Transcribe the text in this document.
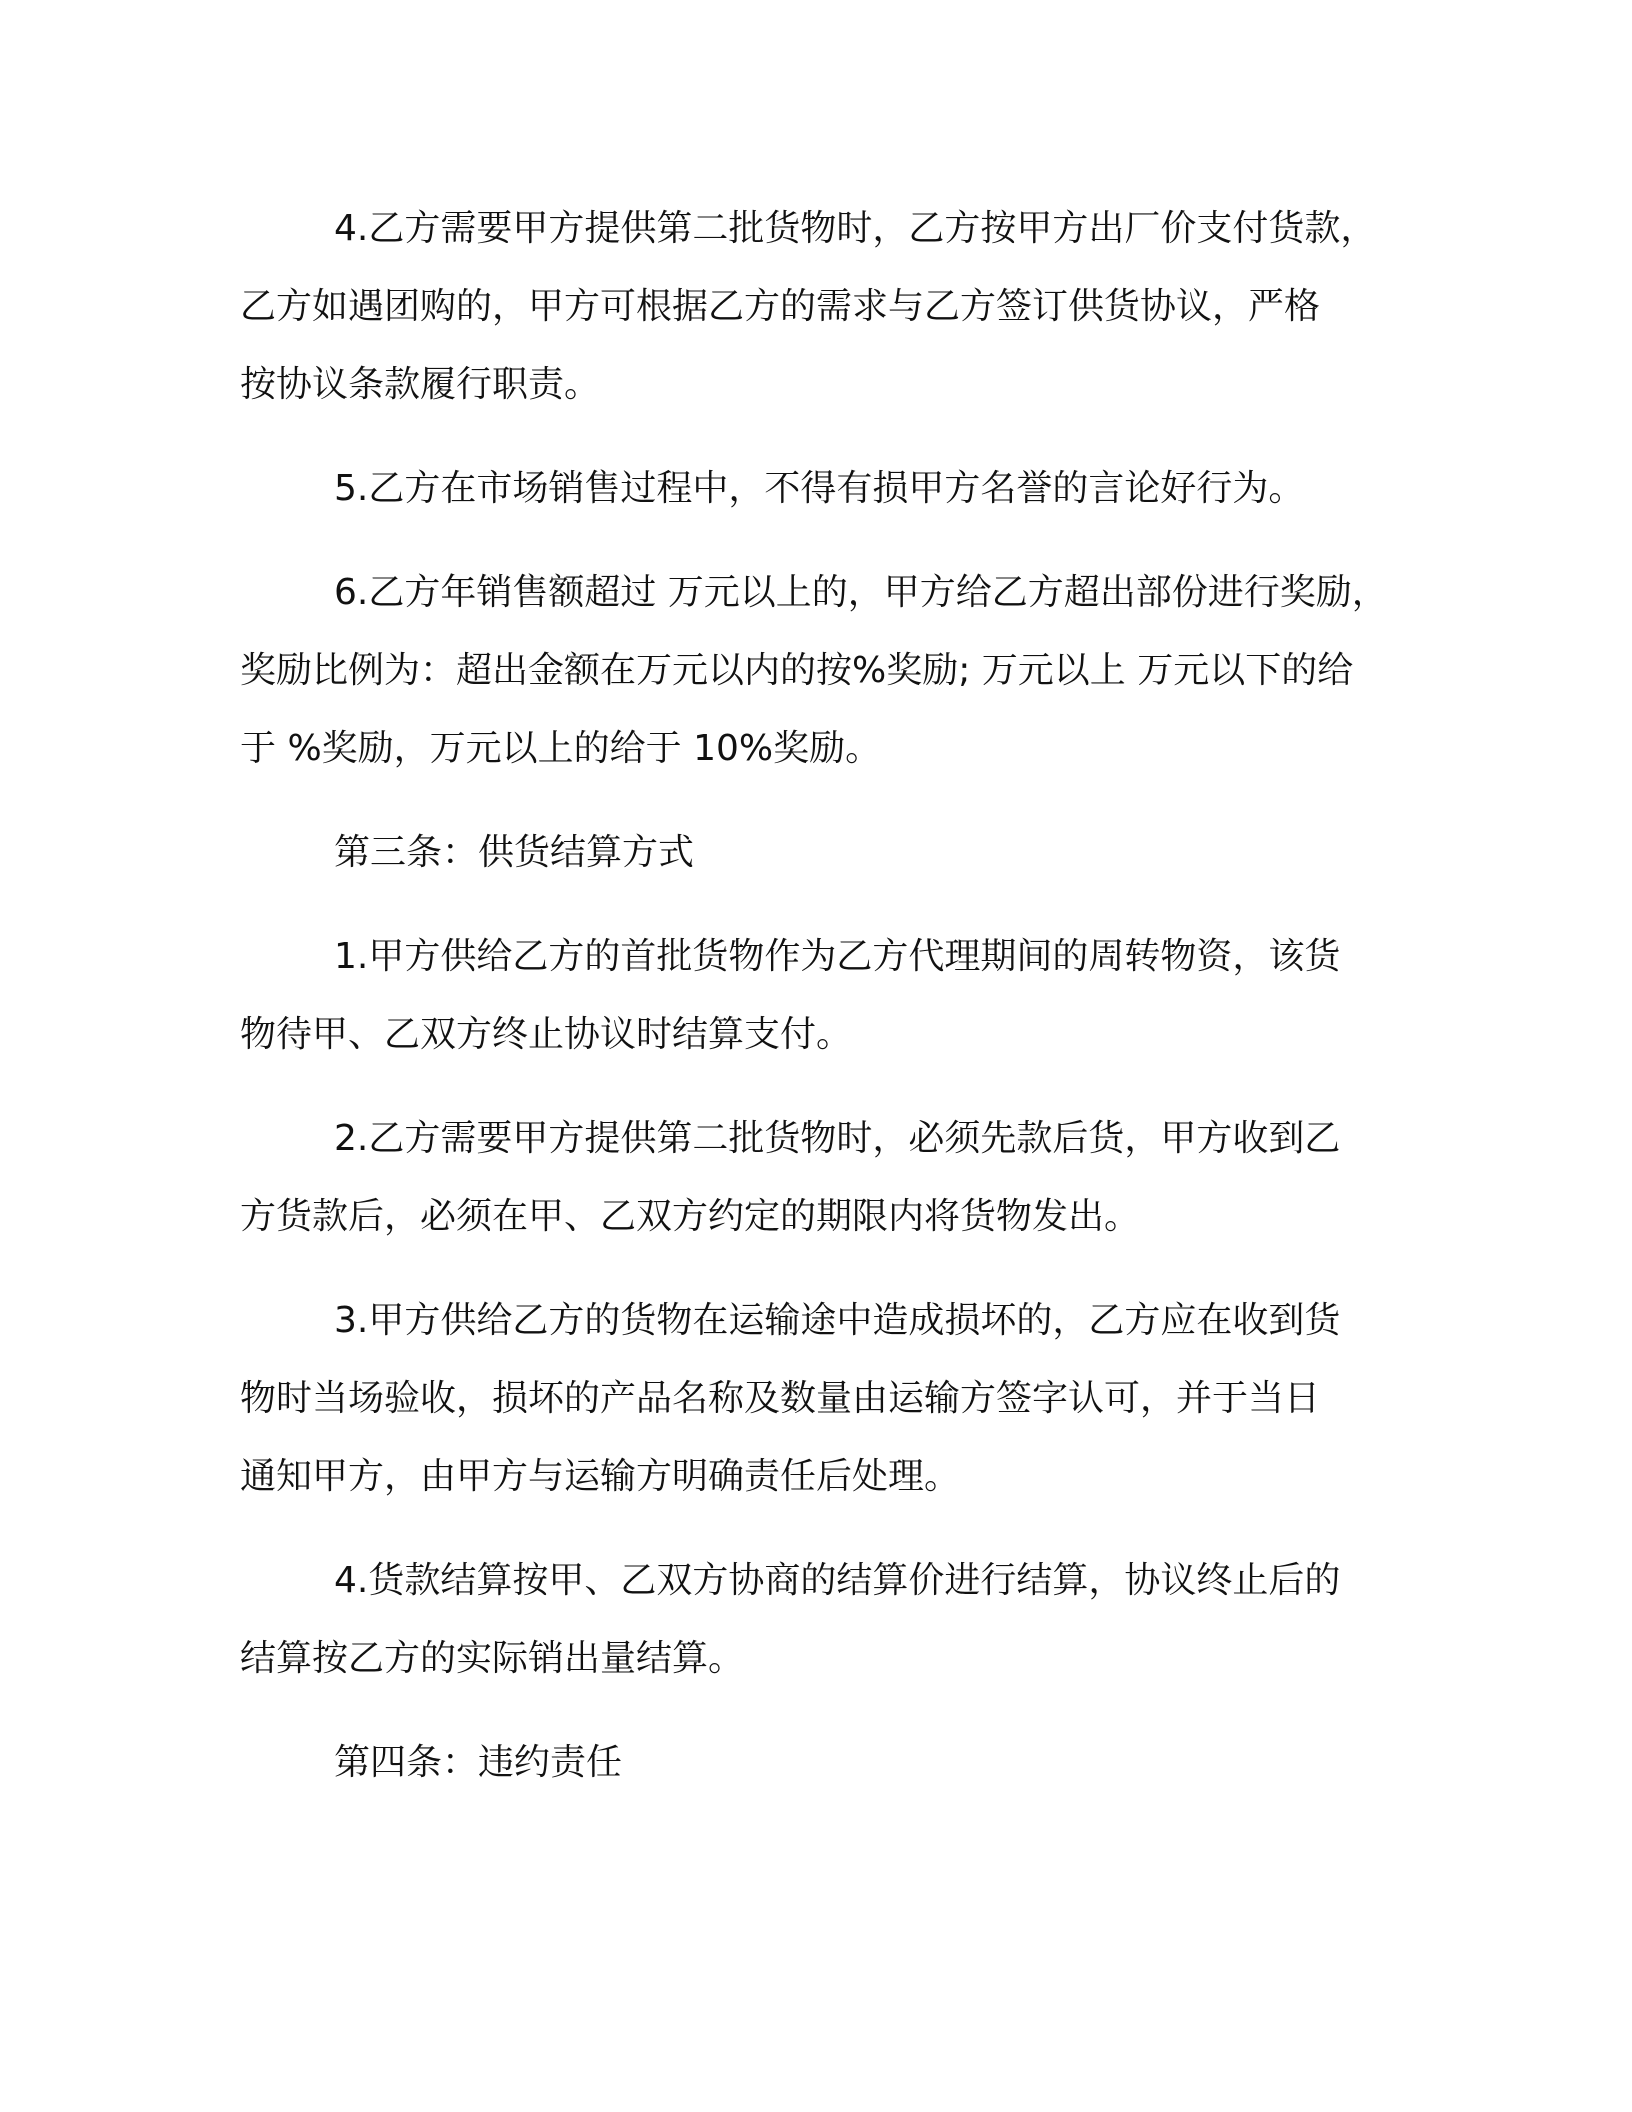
4.乙方需要甲方提供第二批货物时，乙方按甲方出厂价支付货款，
乙方如遇团购的，甲方可根据乙方的需求与乙方签订供货协议，严格
按协议条款履行职责。
5.乙方在市场销售过程中，不得有损甲方名誉的言论好行为。
6.乙方年销售额超过 万元以上的，甲方给乙方超出部份进行奖励，
奖励比例为：超出金额在万元以内的按%奖励; 万元以上 万元以下的给
于 %奖励，万元以上的给于 10%奖励。
第三条：供货结算方式
1.甲方供给乙方的首批货物作为乙方代理期间的周转物资，该货
物待甲、乙双方终止协议时结算支付。
2.乙方需要甲方提供第二批货物时，必须先款后货，甲方收到乙
方货款后，必须在甲、乙双方约定的期限内将货物发出。
3.甲方供给乙方的货物在运输途中造成损坏的，乙方应在收到货
物时当场验收，损坏的产品名称及数量由运输方签字认可，并于当日
通知甲方，由甲方与运输方明确责任后处理。
4.货款结算按甲、乙双方协商的结算价进行结算，协议终止后的
结算按乙方的实际销出量结算。
第四条：违约责任
